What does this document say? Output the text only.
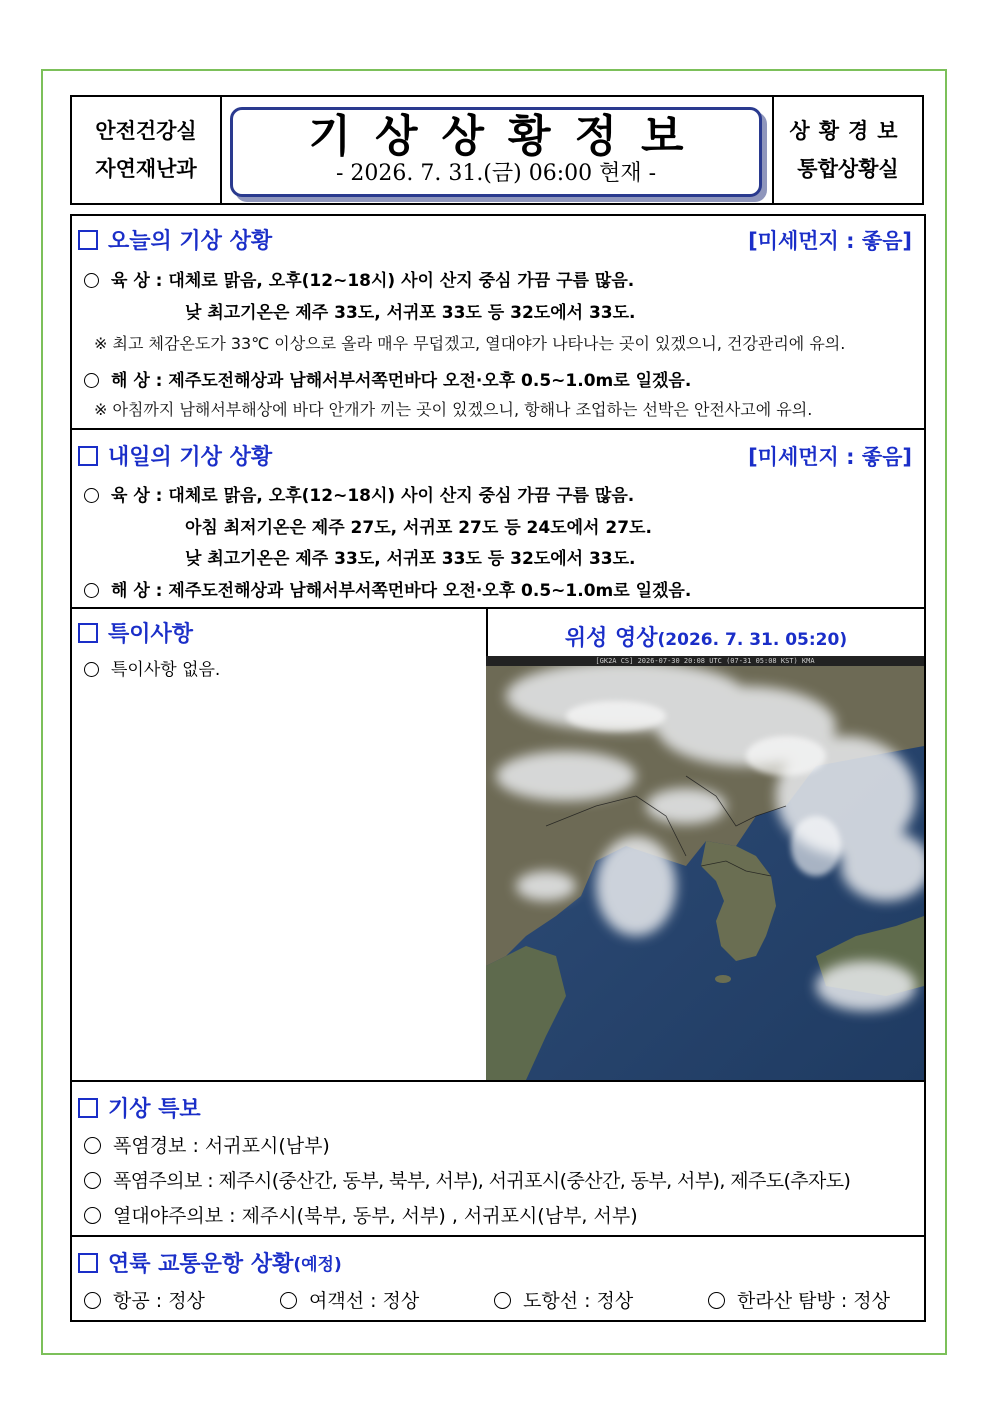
안전건강실
자연재난과
기상상황정보
- 2026. 7. 31.(금) 06:00 현재 -
상황경보
통합상황실
오늘의 기상 상황	[미세먼지 : 좋음]
육 상 : 대체로 맑음, 오후(12~18시) 사이 산지 중심 가끔 구름 많음.
낮 최고기온은 제주 33도, 서귀포 33도 등 32도에서 33도.
※ 최고 체감온도가 33℃ 이상으로 올라 매우 무덥겠고, 열대야가 나타나는 곳이 있겠으니, 건강관리에 유의.
해 상 : 제주도전해상과 남해서부서쪽먼바다 오전·오후 0.5~1.0m로 일겠음.
※ 아침까지 남해서부해상에 바다 안개가 끼는 곳이 있겠으니, 항해나 조업하는 선박은 안전사고에 유의.
내일의 기상 상황	[미세먼지 : 좋음]
육 상 : 대체로 맑음, 오후(12~18시) 사이 산지 중심 가끔 구름 많음.
아침 최저기온은 제주 27도, 서귀포 27도 등 24도에서 27도.
낮 최고기온은 제주 33도, 서귀포 33도 등 32도에서 33도.
해 상 : 제주도전해상과 남해서부서쪽먼바다 오전·오후 0.5~1.0m로 일겠음.
특이사항
특이사항 없음.
위성 영상(2026. 7. 31. 05:20)
[GK2A CS] 2026-07-30 20:08 UTC (07-31 05:08 KST) KMA
기상 특보
폭염경보 : 서귀포시(남부)
폭염주의보 : 제주시(중산간, 동부, 북부, 서부), 서귀포시(중산간, 동부, 서부), 제주도(추자도)
열대야주의보 : 제주시(북부, 동부, 서부) , 서귀포시(남부, 서부)
연륙 교통운항 상황 (예정)
항공 : 정상	여객선 : 정상	도항선 : 정상	한라산 탐방 : 정상
